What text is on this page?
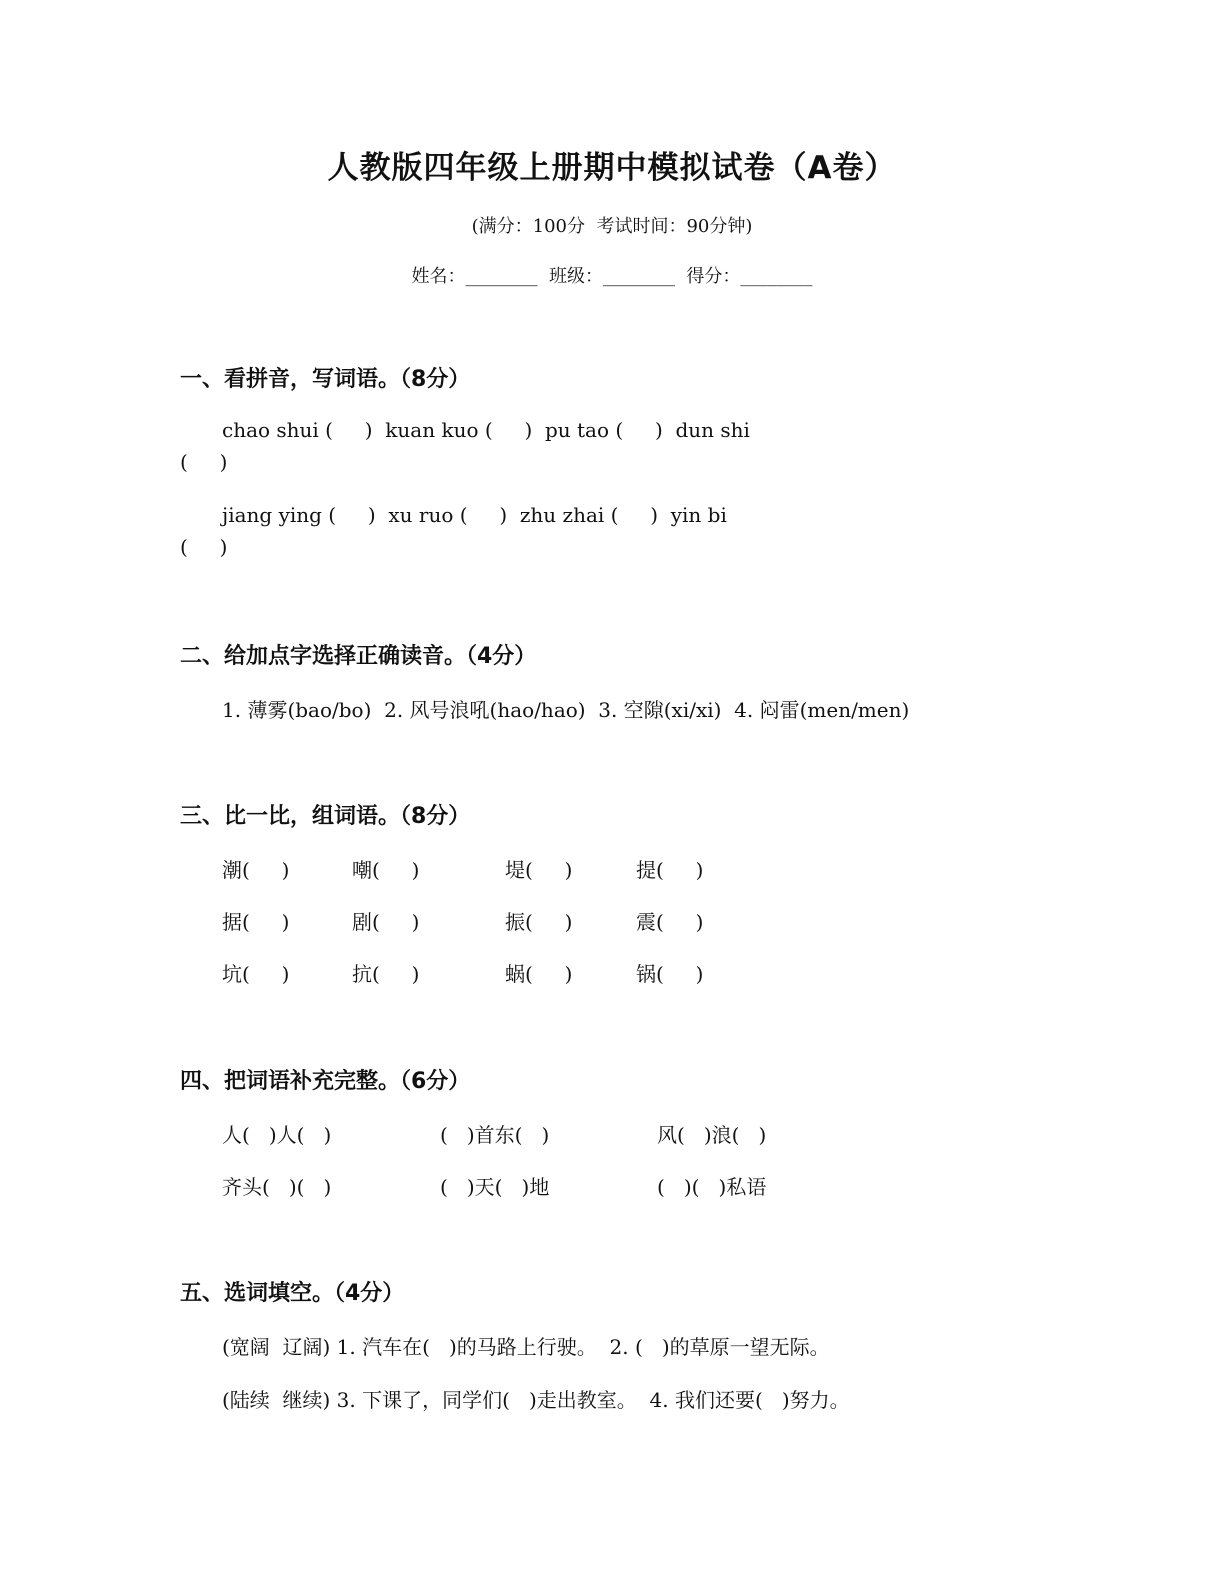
人教版四年级上册期中模拟试卷（A卷）
(满分：100分  考试时间：90分钟)
姓名：________  班级：________  得分：________
一、看拼音，写词语。（8分）
chao shui (     )  kuan kuo (     )  pu tao (     )  dun shi
(     )
jiang ying (     )  xu ruo (     )  zhu zhai (     )  yin bi
(     )
二、给加点字选择正确读音。（4分）
1. 薄雾(bao/bo)  2. 风号浪吼(hao/hao)  3. 空隙(xi/xi)  4. 闷雷(men/men)
三、比一比，组词语。（8分）
潮(     )	嘲(     )	堤(     )	提(     )
据(     )	剧(     )	振(     )	震(     )
坑(     )	抗(     )	蜗(     )	锅(     )
四、把词语补充完整。（6分）
人(   )人(   )	(   )首东(   )	风(   )浪(   )
齐头(   )(   )	(   )天(   )地	(   )(   )私语
五、选词填空。（4分）
(宽阔  辽阔) 1. 汽车在(   )的马路上行驶。  2. (   )的草原一望无际。
(陆续  继续) 3. 下课了，同学们(   )走出教室。  4. 我们还要(   )努力。
